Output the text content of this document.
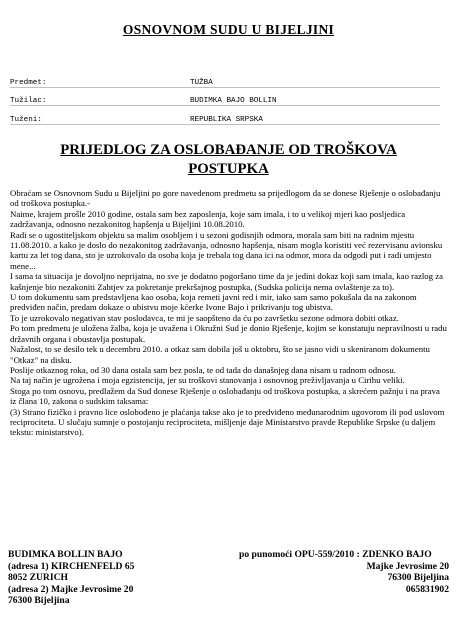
OSNOVNOM SUDU U BIJELJINI
Predmet:	TUŽBA
Tužilac:	BUDIMKA BAJO BOLLIN
Tuženi:	REPUBLIKA SRPSKA
PRIJEDLOG ZA OSLOBAĐANJE OD TROŠKOVA
POSTUPKA

Obraćam se Osnovnom Sudu u Bijeljini po gore navedenom predmetu sa prijedlogom da se donese Rješenje o oslobađanju od troškova postupka.-

Naime, krajem prošle 2010 godine, ostala sam bez zaposlenja, koje sam imala, i to u velikoj mjeri kao posljedica zadržavanja, odnosno nezakonitog hapšenja u Bijeljini 10.08.2010.

Radi se o ugostiteljskom objektu sa malim osobljem i u sezoni godisnjih odmora, morala sam biti na radnim mjestu 11.08.2010. a kako je doslo do nezakonitog zadržavanja, odnosno hapšenja, nisam mogla koristiti već rezervisanu avionsku kartu za let tog dana, sto je uzrokovalo da osoba koja je trebala tog dana ici na odmor, mora da odgodi put i radi umjesto mene...

I sama ta situacija je dovoljno neprijatna, no sve je dodatno pogoršano time da je jedini dokaz koji sam imala, kao razlog za kašnjenje bio nezakoniti Zahtjev za pokretanje prekršajnog postupka, (Sudska policija nema ovlaštenje za to).

U tom dokumentu sam predstavljena kao osoba, koja remeti javni red i mir, iako sam samo pokušala da na zakonom predviđen način, predam dokaze o ubistvu moje kćerke Ivone Bajo i prikrivanju tog ubistva.

To je uzrokovalo negativan stav poslodavca, te mi je saopšteno da ću po završetku sezone odmora dobiti otkaz.

Po tom predmetu je uložena žalba, koja je uvažena i Okružni Sud je donio Rješenje, kojim se konstatuju nepravilnosti u radu državnih organa i obustavlja postupak.

Nažalost, to se desilo tek u decembru 2010. a otkaz sam dobila još u oktobru, što se jasno vidi u skeniranom dokumentu "Otkaz" na disku.

Poslije otkaznog roka, od 30 dana ostala sam bez posla, te od tada do današnjeg dana nisam u radnom odnosu.

Na taj način je ugrožena i moja egzistencija, jer su troškovi stanovanja i osnovnog preživljavanja u Cirihu veliki.

Stoga po tom osnovu, predlažem da Sud donese Rješenje o oslobađanju od troškova postupka, a skrećem pažnju i na prava iz člana 10, zakona o sudskim taksama:

(3) Strano fizičko i pravno lice oslobođeno je plaćanja takse ako je to predviđeno međunarodnim ugovorom ili pod uslovom reciprociteta. U slučaju sumnje o postojanju reciprociteta, mišljenje daje Ministarstvo pravde Republike Srpske (u daljem tekstu: ministarstvo).

BUDIMKA BOLLIN BAJO
(adresa 1) KIRCHENFELD 65
8052 ZURICH
(adresa 2) Majke Jevrosime 20
76300 Bijeljina
po punomoći OPU-559/2010 : ZDENKO BAJO
Majke Jevrosime 20
76300 Bijeljina
065831902
